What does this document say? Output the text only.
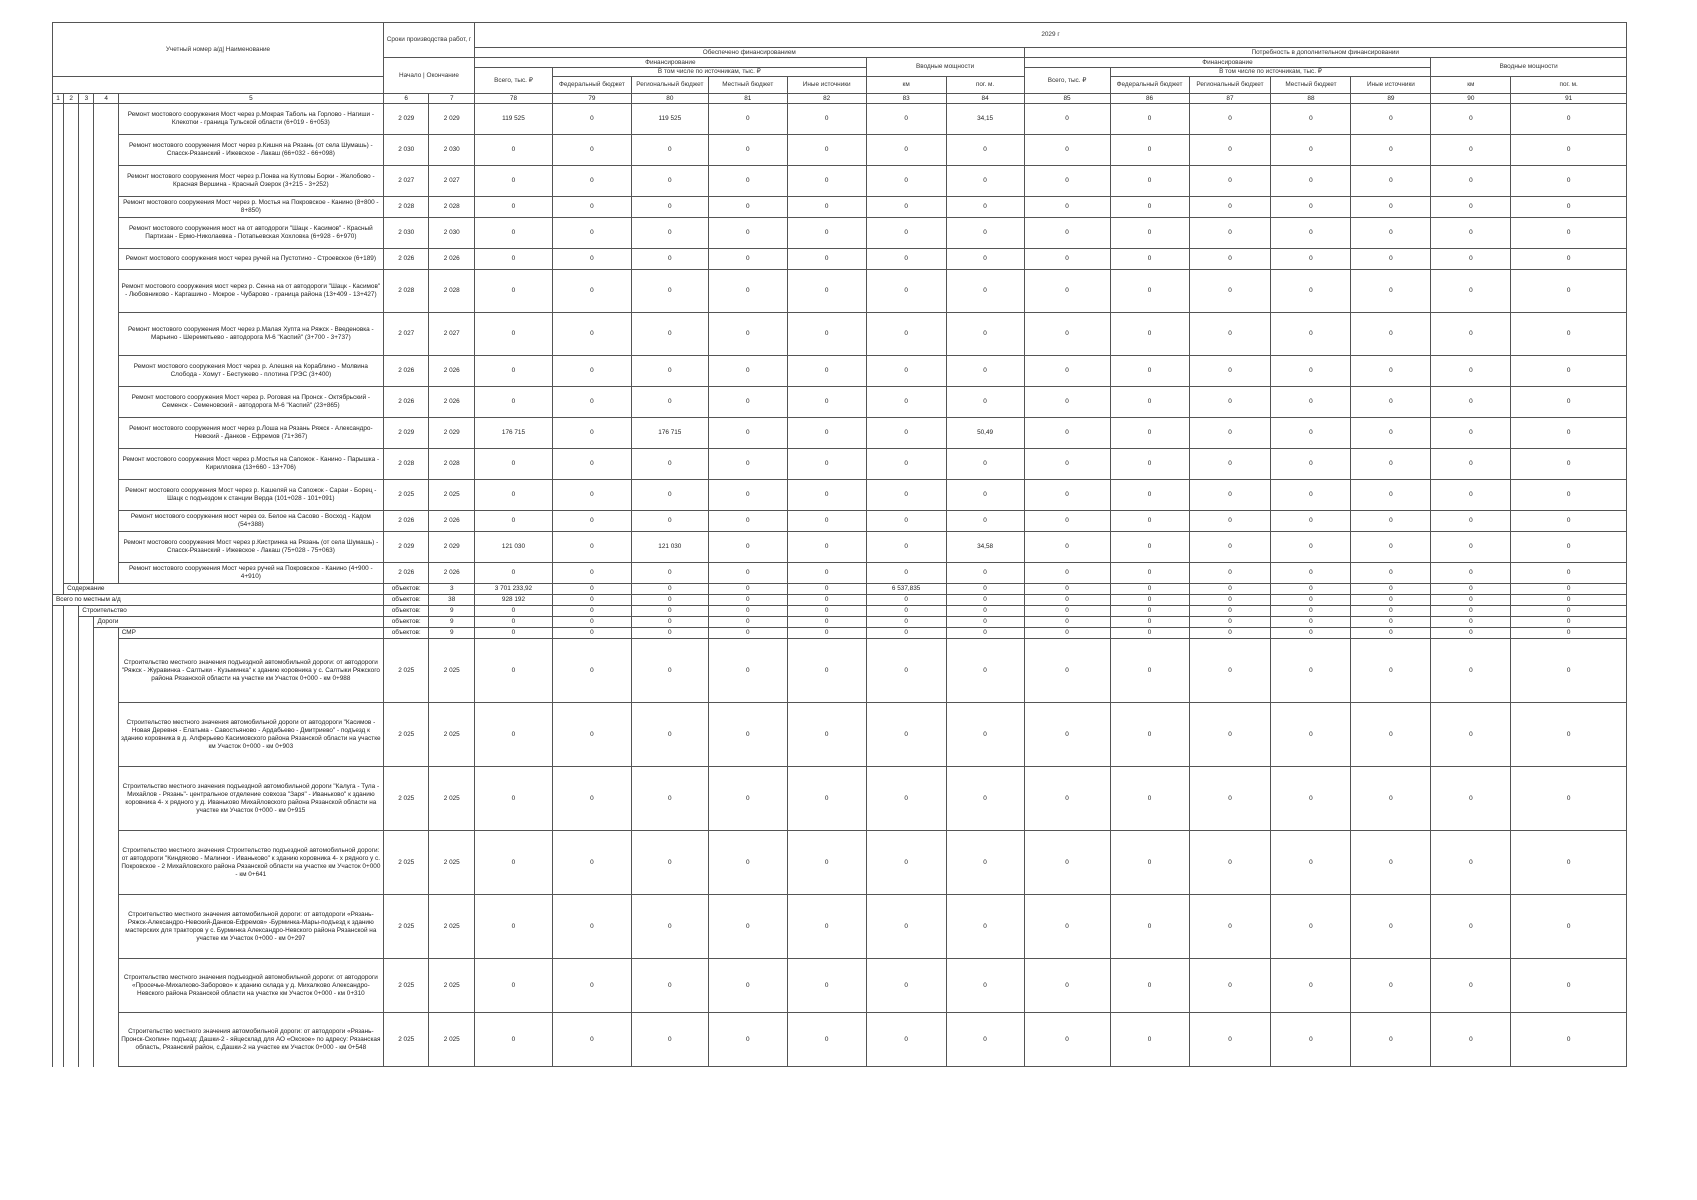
Учетный номер а/д| Наименование					Сроки производства работ, г		2029 г													
							Обеспечено финансированием							Потребность в дополнительном финансировании						
					Начало | Окончание		Финансирование					Вводные мощности		Финансирование					Вводные мощности	
							Всего, тыс. ₽	В том числе по источникам, тыс. ₽						Всего, тыс. ₽	В том числе по источникам, тыс. ₽					
								Федеральный бюджет	Региональный бюджет	Местный бюджет	Иные источники	км	пог. м.		Федеральный бюджет	Региональный бюджет	Местный бюджет	Иные источники	км	пог. м.
1	2	3	4	5	6	7	78	79	80	81	82	83	84	85	86	87	88	89	90	91
				Ремонт мостового сооружения Мост через р.Мокрая Таболь на Горлово - Нагиши - Клекотки - граница Тульской области (6+019 - 6+053)	2 029	2 029	119 525	0	119 525	0	0	0	34,15	0	0	0	0	0	0	0
				Ремонт мостового сооружения Мост через р.Кишня на Рязань (от села Шумашь) - Спасск-Рязанский - Ижевское - Лакаш (66+032 - 66+098)	2 030	2 030	0	0	0	0	0	0	0	0	0	0	0	0	0	0
				Ремонт мостового сооружения Мост через р.Понва на Кутловы Борки - Желобово - Красная Вершина - Красный Озерок (3+215 - 3+252)	2 027	2 027	0	0	0	0	0	0	0	0	0	0	0	0	0	0
				Ремонт мостового сооружения Мост через р. Мостья на Покровское - Канино (8+800 - 8+850)	2 028	2 028	0	0	0	0	0	0	0	0	0	0	0	0	0	0
				Ремонт мостового сооружения мост на от автодороги "Шацк - Касимов" - Красный Партизан - Ермо-Николаевка - Потапьевская Хохловка (6+928 - 6+970)	2 030	2 030	0	0	0	0	0	0	0	0	0	0	0	0	0	0
				Ремонт мостового сооружения мост через ручей на Пустотино - Строевское (6+189)	2 026	2 026	0	0	0	0	0	0	0	0	0	0	0	0	0	0
				Ремонт мостового сооружения мост через р. Сенна на от автодороги "Шацк - Касимов" - Любовниково - Каргашино - Мокрое - Чубарово - граница района (13+409 - 13+427)	2 028	2 028	0	0	0	0	0	0	0	0	0	0	0	0	0	0
				Ремонт мостового сооружения Мост через р.Малая Хупта на Ряжск - Введеновка - Марьино - Шереметьево - автодорога М-6 "Каспий" (3+700 - 3+737)	2 027	2 027	0	0	0	0	0	0	0	0	0	0	0	0	0	0
				Ремонт мостового сооружения Мост через р. Алешня на Кораблино - Молвина Слобода - Хомут - Бестужево - плотина ГРЭС (3+400)	2 026	2 026	0	0	0	0	0	0	0	0	0	0	0	0	0	0
				Ремонт мостового сооружения Мост через р. Роговая на Пронск - Октябрьский - Семенск - Семеновский - автодорога М-6 "Каспий" (23+865)	2 026	2 026	0	0	0	0	0	0	0	0	0	0	0	0	0	0
				Ремонт мостового сооружения мост через р.Лоша на Рязань Ряжск - Александро-Невский - Данков - Ефремов (71+367)	2 029	2 029	176 715	0	176 715	0	0	0	50,49	0	0	0	0	0	0	0
				Ремонт мостового сооружения Мост через р.Мостья на Сапожок - Канино - Парышка - Кирилловка (13+660 - 13+706)	2 028	2 028	0	0	0	0	0	0	0	0	0	0	0	0	0	0
				Ремонт мостового сооружения Мост через р. Кашеляй на Сапожок - Сараи - Борец - Шацк с подъездом к станции Верда (101+028 - 101+091)	2 025	2 025	0	0	0	0	0	0	0	0	0	0	0	0	0	0
				Ремонт мостового сооружения мост через оз. Белое на Сасово - Восход - Кадом (54+388)	2 026	2 026	0	0	0	0	0	0	0	0	0	0	0	0	0	0
				Ремонт мостового сооружения Мост через р.Кистринка на Рязань (от села Шумашь) - Спасск-Рязанский - Ижевское - Лакаш (75+028 - 75+063)	2 029	2 029	121 030	0	121 030	0	0	0	34,58	0	0	0	0	0	0	0
				Ремонт мостового сооружения Мост через ручей на Покровское - Канино (4+900 - 4+910)	2 026	2 026	0	0	0	0	0	0	0	0	0	0	0	0	0	0
	Содержание				объектов:	3	3 701 233,92	0	0	0	0	6 537,835	0	0	0	0	0	0	0	0
Всего по местным а/д					объектов:	38	928 192	0	0	0	0	0	0	0	0	0	0	0	0	0
		Строительство			объектов:	9	0	0	0	0	0	0	0	0	0	0	0	0	0	0
			Дороги		объектов:	9	0	0	0	0	0	0	0	0	0	0	0	0	0	0
				СМР	объектов:	9	0	0	0	0	0	0	0	0	0	0	0	0	0	0
				Строительство местного значения подъездной автомобильной дороги: от автодороги "Ряжск - Журавинка - Салтыки - Кузьминка" к зданию коровника у с. Салтыки Ряжского района Рязанской области на участке км Участок 0+000 - км 0+988	2 025	2 025	0	0	0	0	0	0	0	0	0	0	0	0	0	0
				Строительство местного значения автомобильной дороги от автодороги "Касимов - Новая Деревня - Елатьма - Савостьяново - Ардабьево - Дмитриево" - подъезд к зданию коровника в д. Алферьево Касимовского района Рязанской области на участке км Участок 0+000 - км 0+903	2 025	2 025	0	0	0	0	0	0	0	0	0	0	0	0	0	0
				Строительство местного значения подъездной автомобильной дороги "Калуга - Тула - Михайлов - Рязань"- центральное отделение совхоза "Заря" - Иваньково" к зданию коровника 4- х рядного у д. Иваньково Михайловского района Рязанской области на участке км Участок 0+000 - км 0+915	2 025	2 025	0	0	0	0	0	0	0	0	0	0	0	0	0	0
				Строительство местного значения Строительство подъездной автомобильной дороги: от автодороги "Киндяково - Малинки - Иваньково" к зданию коровника 4- х рядного у с. Покровское - 2 Михайловского района Рязанской области на участке км Участок 0+000 - км 0+641	2 025	2 025	0	0	0	0	0	0	0	0	0	0	0	0	0	0
				Строительство местного значения автомобильной дороги: от автодороги «Рязань-Ряжск-Александро-Невский-Данков-Ефремов» -Бурминка-Мары-подъезд к зданию мастерских для тракторов у с. Бурминка Александро-Невского района Рязанской на участке км Участок 0+000 - км 0+297	2 025	2 025	0	0	0	0	0	0	0	0	0	0	0	0	0	0
				Строительство местного значения подъездной автомобильной дороги: от автодороги «Просечье-Михалково-Заборово» к зданию склада у д. Михалково Александро-Невского района Рязанской области на участке км Участок 0+000 - км 0+310	2 025	2 025	0	0	0	0	0	0	0	0	0	0	0	0	0	0
				Строительство местного значения автомобильной дороги: от автодороги «Рязань-Пронск-Скопин» подъезд: Дашки-2 - яйцесклад для АО «Окское» по адресу: Рязанская область, Рязанский район, с.Дашки-2 на участке км Участок 0+000 - км 0+548	2 025	2 025	0	0	0	0	0	0	0	0	0	0	0	0	0	0
